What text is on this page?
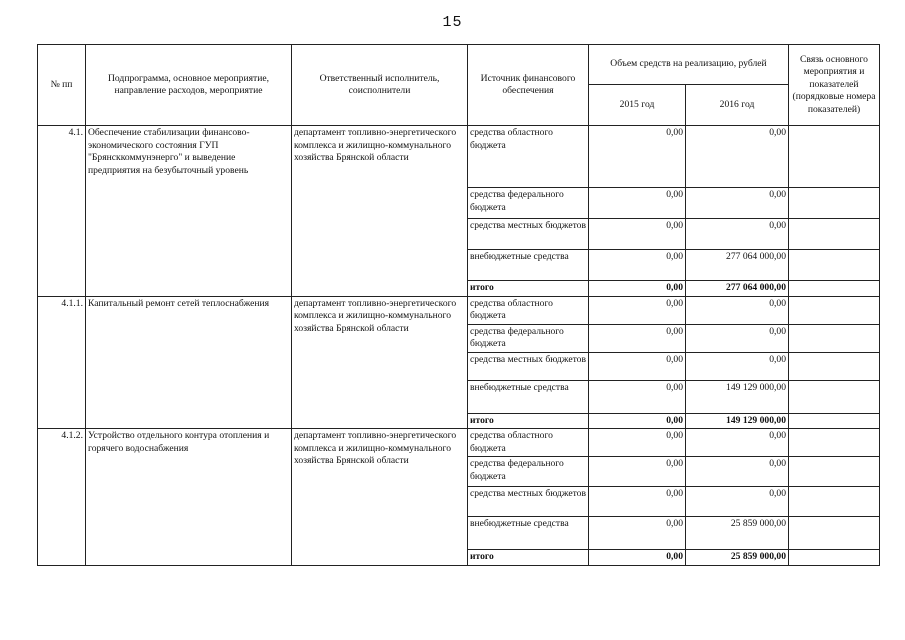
15
№ пп	Подпрограмма, основное мероприятие, направление расходов, мероприятие	Ответственный исполнитель, соисполнители	Источник финансового обеспечения	Объем средств на реализацию, рублей		Связь основного мероприятия и показателей (порядковые номера показателей)
				2015 год	2016 год	
4.1.	Обеспечение стабилизации финансово-экономического состояния ГУП "Брянсккоммунэнерго" и выведение предприятия на безубыточный уровень	департамент топливно-энергетического комплекса и жилищно-коммунального хозяйства Брянской области	средства областного бюджета	0,00	0,00	
			средства федерального бюджета	0,00	0,00	
			средства местных бюджетов	0,00	0,00	
			внебюджетные средства	0,00	277 064 000,00	
			итого	0,00	277 064 000,00	
4.1.1.	Капитальный ремонт сетей теплоснабжения	департамент топливно-энергетического комплекса и жилищно-коммунального хозяйства Брянской области	средства областного бюджета	0,00	0,00	
			средства федерального бюджета	0,00	0,00	
			средства местных бюджетов	0,00	0,00	
			внебюджетные средства	0,00	149 129 000,00	
			итого	0,00	149 129 000,00	
4.1.2.	Устройство отдельного контура отопления и горячего водоснабжения	департамент топливно-энергетического комплекса и жилищно-коммунального хозяйства Брянской области	средства областного бюджета	0,00	0,00	
			средства федерального бюджета	0,00	0,00	
			средства местных бюджетов	0,00	0,00	
			внебюджетные средства	0,00	25 859 000,00	
			итого	0,00	25 859 000,00	
